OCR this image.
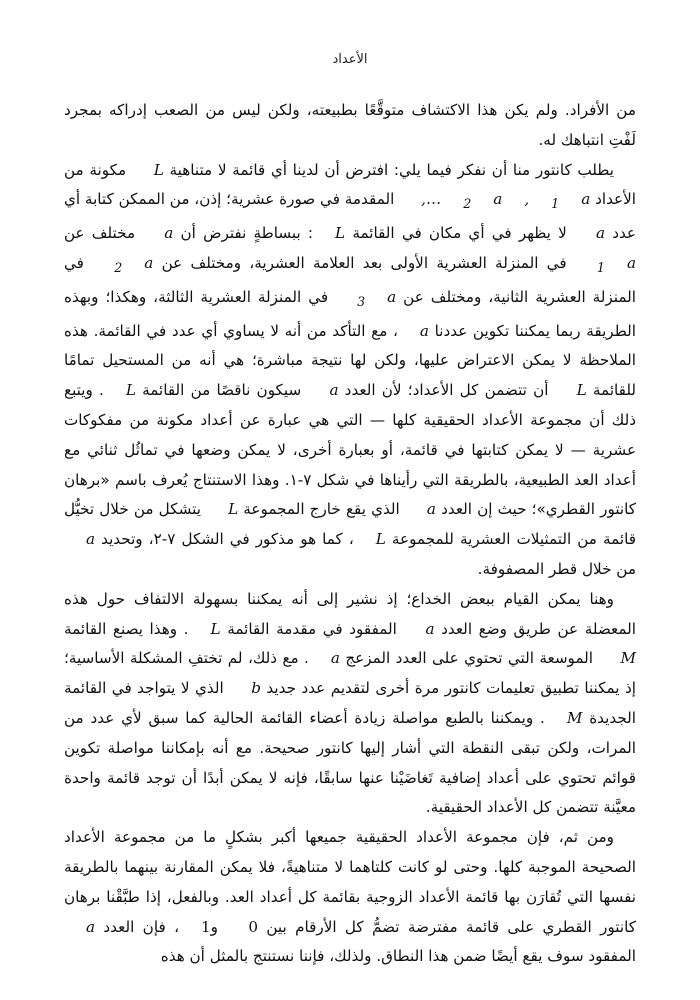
الأعداد

من الأفراد. ولم يكن هذا الاكتشاف متوقَّعًا بطبيعته، ولكن ليس من الصعب إدراكه بمجرد لَفْتِ انتباهك له.

يطلب كانتور منا أن نفكر فيما يلي: افترض أن لدينا أي قائمة لا متناهية L مكونة من الأعداد $a_1,a_2,\dots$ المقدمة في صورة عشرية؛ إذن، من الممكن كتابة أي عدد a لا يظهر في أي مكان في القائمة L: ببساطةٍ نفترض أن a مختلف عن $a_1$ في المنزلة العشرية الأولى بعد العلامة العشرية، ومختلف عن $a_2$ في المنزلة العشرية الثانية، ومختلف عن $a_3$ في المنزلة العشرية الثالثة، وهكذا؛ وبهذه الطريقة ربما يمكننا تكوين عددنا a، مع التأكد من أنه لا يساوي أي عدد في القائمة. هذه الملاحظة لا يمكن الاعتراض عليها، ولكن لها نتيجة مباشرة؛ هي أنه من المستحيل تمامًا للقائمة L أن تتضمن كل الأعداد؛ لأن العدد a سيكون ناقصًا من القائمة L. ويتبع ذلك أن مجموعة الأعداد الحقيقية كلها — التي هي عبارة عن أعداد مكونة من مفكوكات عشرية — لا يمكن كتابتها في قائمة، أو بعبارة أخرى، لا يمكن وضعها في تماثُل ثنائي مع أعداد العد الطبيعية، بالطريقة التي رأيناها في شكل ٧-١. وهذا الاستنتاج يُعرف باسم «برهان كانتور القطري»؛ حيث إن العدد a الذي يقع خارج المجموعة L يتشكل من خلال تخيُّل قائمة من التمثيلات العشرية للمجموعة L، كما هو مذكور في الشكل ٧-٢، وتحديد a من خلال قطر المصفوفة.

وهنا يمكن القيام ببعض الخداع؛ إذ نشير إلى أنه يمكننا بسهولة الالتفاف حول هذه المعضلة عن طريق وضع العدد a المفقود في مقدمة القائمة L. وهذا يصنع القائمة M الموسعة التي تحتوي على العدد المزعج a. مع ذلك، لم تختفِ المشكلة الأساسية؛ إذ يمكننا تطبيق تعليمات كانتور مرة أخرى لتقديم عدد جديد b الذي لا يتواجد في القائمة الجديدة M. ويمكننا بالطبع مواصلة زيادة أعضاء القائمة الحالية كما سبق لأي عدد من المرات، ولكن تبقى النقطة التي أشار إليها كانتور صحيحة. مع أنه بإمكاننا مواصلة تكوين قوائم تحتوي على أعداد إضافية تَغاضَيْنا عنها سابقًا، فإنه لا يمكن أبدًا أن توجد قائمة واحدة معيَّنة تتضمن كل الأعداد الحقيقية.

ومن ثم، فإن مجموعة الأعداد الحقيقية جميعها أكبر بشكلٍ ما من مجموعة الأعداد الصحيحة الموجبة كلها. وحتى لو كانت كلتاهما لا متناهيةً، فلا يمكن المقارنة بينهما بالطريقة نفسها التي تُقارَن بها قائمة الأعداد الزوجية بقائمة كل أعداد العد. وبالفعل، إذا طبَّقْنا برهان كانتور القطري على قائمة مفترضة تضمُّ كل الأرقام بين 0 و1، فإن العدد a المفقود سوف يقع أيضًا ضمن هذا النطاق. ولذلك، فإننا نستنتج بالمثل أن هذه
